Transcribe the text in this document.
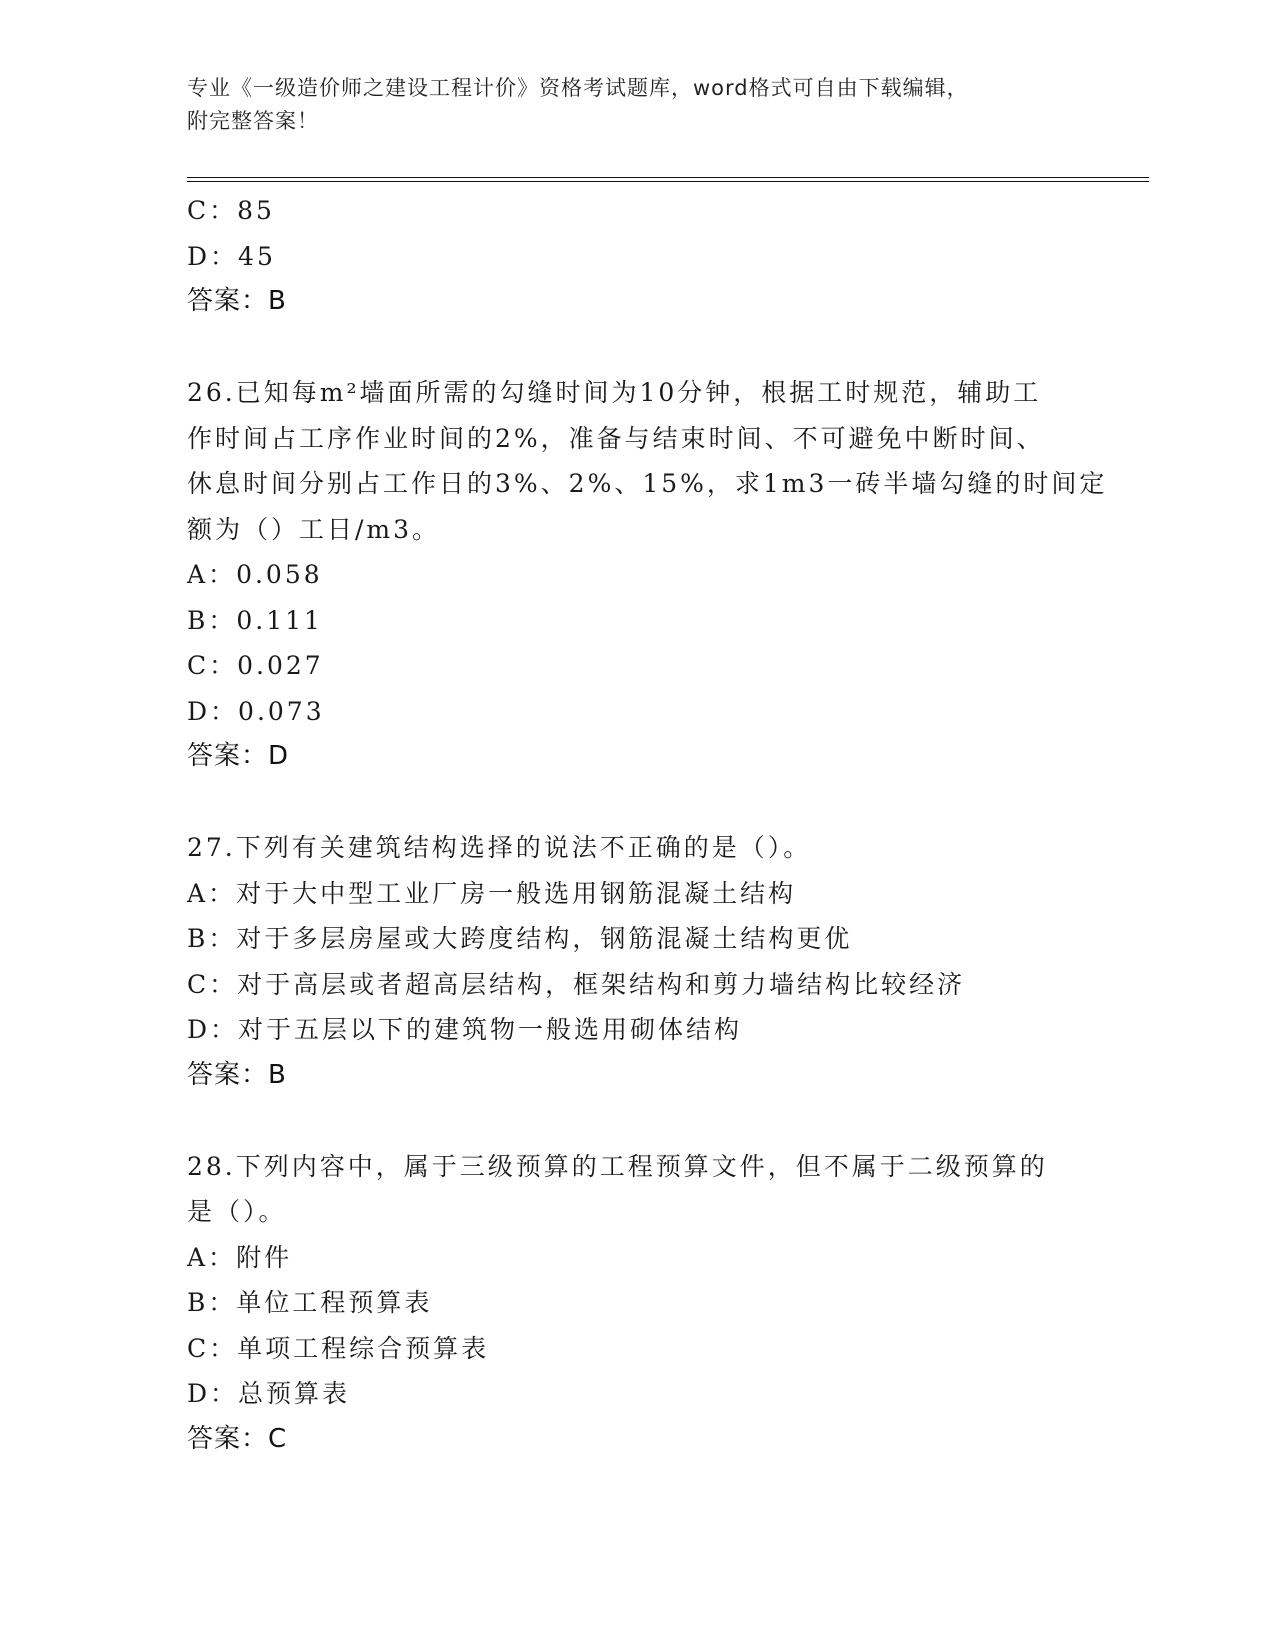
专业《一级造价师之建设工程计价》资格考试题库，word格式可自由下载编辑，
附完整答案！
C：85
D：45
答案：B
26.已知每m²墙面所需的勾缝时间为10分钟，根据工时规范，辅助工
作时间占工序作业时间的2%，准备与结束时间、不可避免中断时间、
休息时间分别占工作日的3%、2%、15%，求1m3一砖半墙勾缝的时间定
额为（）工日/m3。
A：0.058
B：0.111
C：0.027
D：0.073
答案：D
27.下列有关建筑结构选择的说法不正确的是（）。
A：对于大中型工业厂房一般选用钢筋混凝土结构
B：对于多层房屋或大跨度结构，钢筋混凝土结构更优
C：对于高层或者超高层结构，框架结构和剪力墙结构比较经济
D：对于五层以下的建筑物一般选用砌体结构
答案：B
28.下列内容中，属于三级预算的工程预算文件，但不属于二级预算的
是（）。
A：附件
B：单位工程预算表
C：单项工程综合预算表
D：总预算表
答案：C
